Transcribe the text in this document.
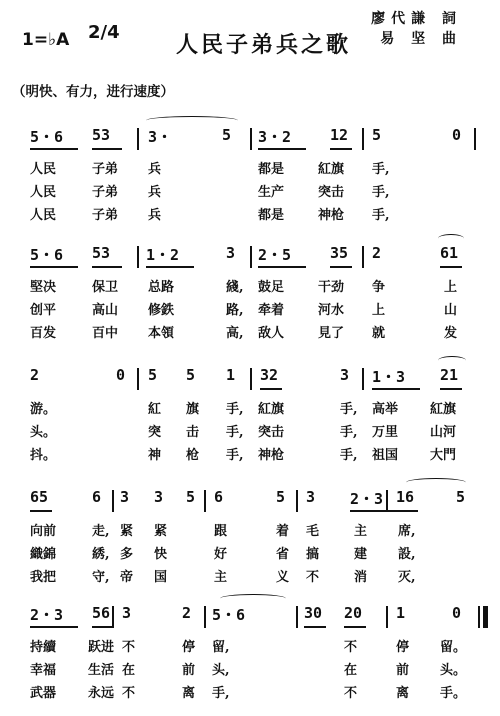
1=♭A 2/4	人民子弟兵之歌
廖代謙 詞
易 坚 曲
（明快、有力，进行速度）
5・6 53	3・	5 3・2	12 5	0
人民	子弟 兵	都是	紅旗 手,
人民	子弟 兵	生产	突击 手,
人民	子弟 兵	都是	神枪 手,
5・6 53 1・2	3 2・5	35 2	61
堅决	保卫 总路	綫, 鼓足	干劲 争	上
创平	高山 修鉄	路, 牵着	河水 上	山
百发	百中 本領	高, 敌人	見了 就	发
2	0 5 5 1 32	3 1・3 21
游。	紅 旗 手, 紅旗	手, 高举 紅旗
头。	突 击 手, 突击	手, 万里 山河
抖。	神 枪 手, 神枪	手, 祖国 大門
65	6 3 3 5 6	5 3 2・3 16	5
向前	走, 紧 紧	跟	着 毛	主 席,
織錦	綉, 多 快	好	省 搞	建 設,
我把	守, 帝 国	主	义 不	消 灭,
2・3 56 3	2 5・6	30 20 1	0
持續 跃进 不	停 留,	不	停 留。
幸福 生活 在	前 头,	在	前 头。
武器 永远 不	离 手,	不	离 手。
